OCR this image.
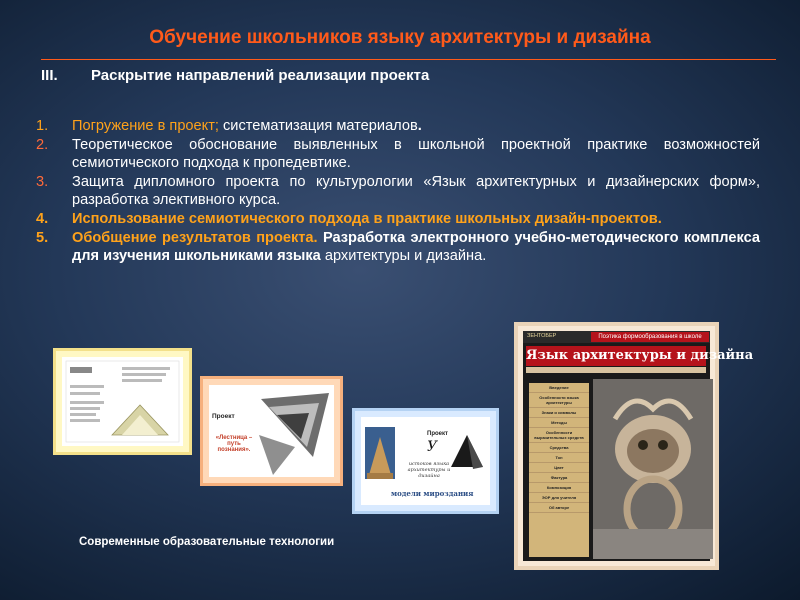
Обучение школьников языку архитектуры и дизайна
III. Раскрытие направлений реализации проекта
1.	Погружение в проект; систематизация материалов.
2.	Теоретическое обоснование выявленных в школьной проектной практике возможностей семиотического подхода к пропедевтике.
3.	Защита дипломного проекта по культурологии «Язык архитектурных и дизайнерских форм», разработка элективного курса.
4.	Использование семиотического подхода в практике школьных дизайн-проектов.
5.	Обобщение результатов проекта. Разработка электронного учебно-методического комплекса для изучения школьниками языка архитектуры и дизайна.
Проект
«Лестница – путь познания».
Проект
У
истоков языка архитектуры и дизайна
модели мироздания
ЗЕНТОБЕР	Поэтика формообразования в школе
Язык архитектуры и дизайна
Введение
Особенности языка архитектуры
Знаки и символы
Методы
Особенности выразительных средств
Средства
Тон
Цвет
Фактура
Композиция
ЭОР для учителя
Об авторе
Современные образовательные технологии
